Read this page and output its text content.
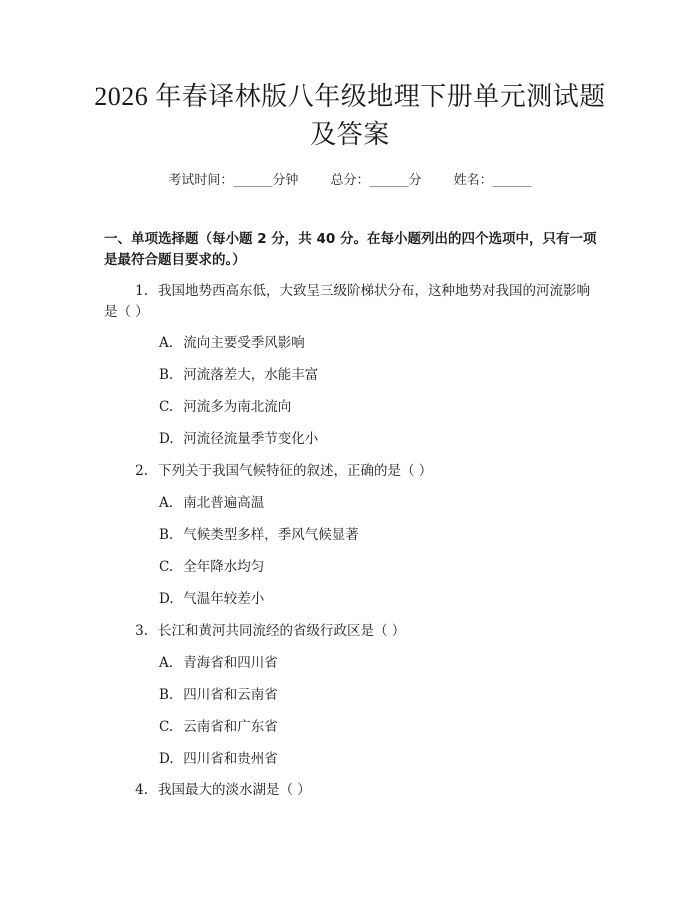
2026 年春译林版八年级地理下册单元测试题
及答案
考试时间：______分钟 总分：______分 姓名：______
一、单项选择题（每小题 2 分，共 40 分。在每小题列出的四个选项中，只有一项
是最符合题目要求的。）
1. 我国地势西高东低，大致呈三级阶梯状分布，这种地势对我国的河流影响
是（ ）
A. 流向主要受季风影响
B. 河流落差大，水能丰富
C. 河流多为南北流向
D. 河流径流量季节变化小
2. 下列关于我国气候特征的叙述，正确的是（ ）
A. 南北普遍高温
B. 气候类型多样，季风气候显著
C. 全年降水均匀
D. 气温年较差小
3. 长江和黄河共同流经的省级行政区是（ ）
A. 青海省和四川省
B. 四川省和云南省
C. 云南省和广东省
D. 四川省和贵州省
4. 我国最大的淡水湖是（ ）
